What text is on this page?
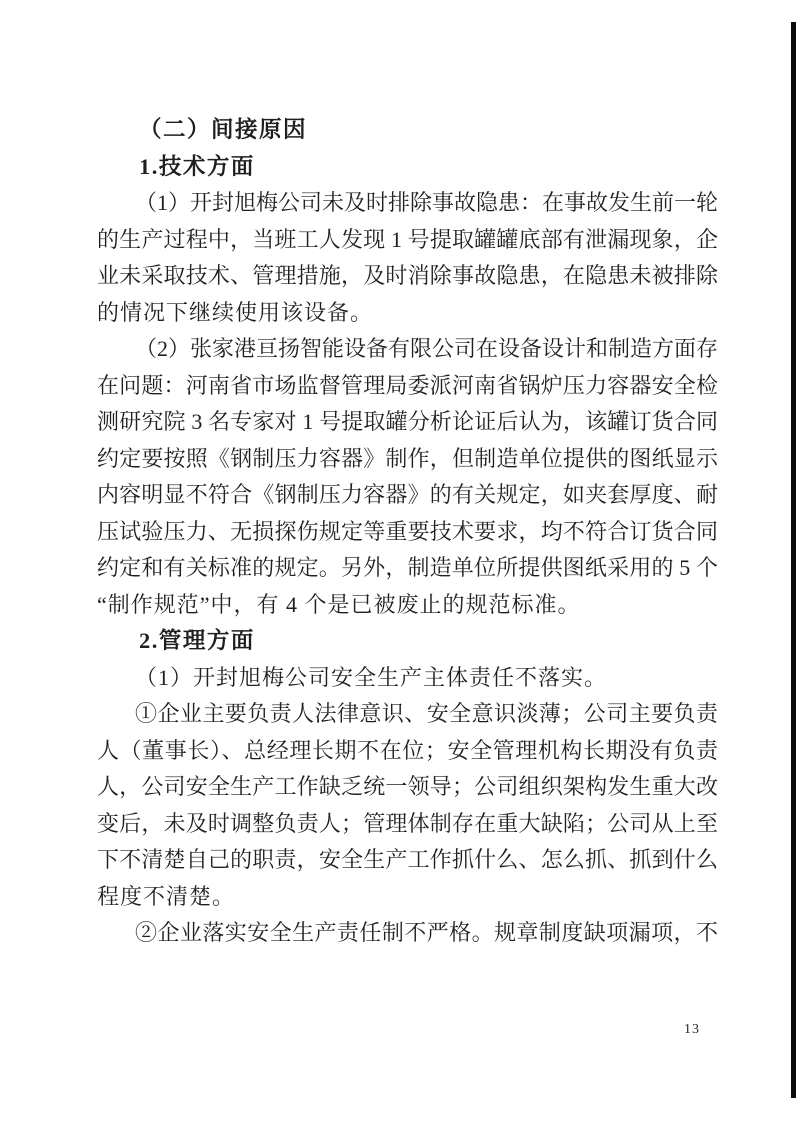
（二）间接原因
1.技术方面
（1）开封旭梅公司未及时排除事故隐患：在事故发生前一轮
的生产过程中，当班工人发现 1 号提取罐罐底部有泄漏现象，企
业未采取技术、管理措施，及时消除事故隐患，在隐患未被排除
的情况下继续使用该设备。
（2）张家港亘扬智能设备有限公司在设备设计和制造方面存
在问题：河南省市场监督管理局委派河南省锅炉压力容器安全检
测研究院 3 名专家对 1 号提取罐分析论证后认为，该罐订货合同
约定要按照《钢制压力容器》制作，但制造单位提供的图纸显示
内容明显不符合《钢制压力容器》的有关规定，如夹套厚度、耐
压试验压力、无损探伤规定等重要技术要求，均不符合订货合同
约定和有关标准的规定。另外，制造单位所提供图纸采用的 5 个
“制作规范”中，有 4 个是已被废止的规范标准。
2.管理方面
（1）开封旭梅公司安全生产主体责任不落实。
①企业主要负责人法律意识、安全意识淡薄；公司主要负责
人（董事长）、总经理长期不在位；安全管理机构长期没有负责
人，公司安全生产工作缺乏统一领导；公司组织架构发生重大改
变后，未及时调整负责人；管理体制存在重大缺陷；公司从上至
下不清楚自己的职责，安全生产工作抓什么、怎么抓、抓到什么
程度不清楚。
②企业落实安全生产责任制不严格。规章制度缺项漏项，不
13
